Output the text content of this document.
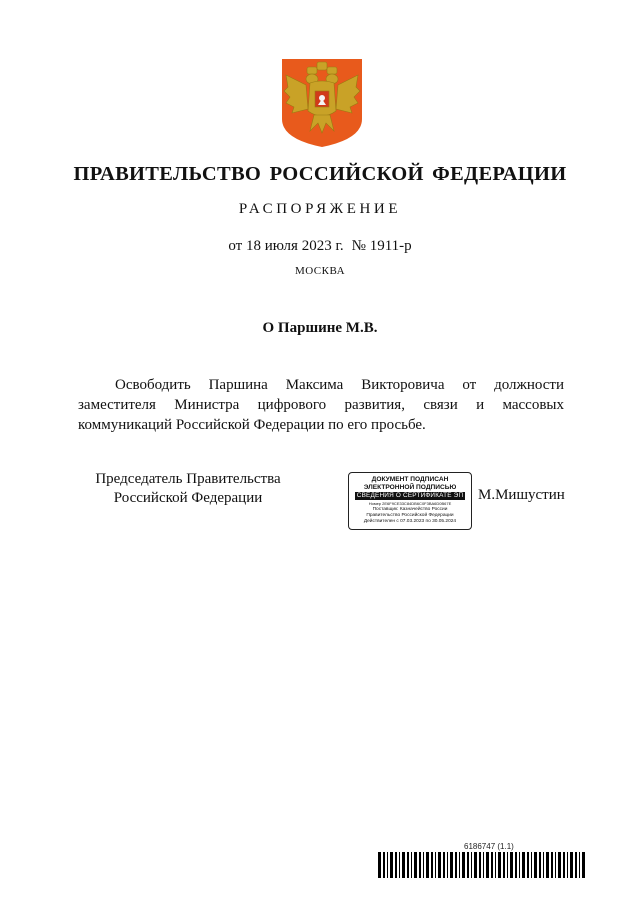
ПРАВИТЕЛЬСТВО РОССИЙСКОЙ ФЕДЕРАЦИИ
РАСПОРЯЖЕНИЕ
от 18 июля 2023 г. № 1911-р
МОСКВА
О Паршине М.В.

Освободить Паршина Максима Викторовича от должности заместителя Министра цифрового развития, связи и массовых коммуникаций Российской Федерации по его просьбе.

Председатель Правительства
Российской Федерации
ДОКУМЕНТ ПОДПИСАН
ЭЛЕКТРОННОЙ ПОДПИСЬЮ
СВЕДЕНИЯ О СЕРТИФИКАТЕ ЭП
Номер 2E6F9CE33C84DB6C0F3BA6D0B67E
Поставщик: Казначейство России
Правительство Российской Федерации
Действителен с 07.03.2023 по 30.05.2024
М.Мишустин
6186747 (1.1)
